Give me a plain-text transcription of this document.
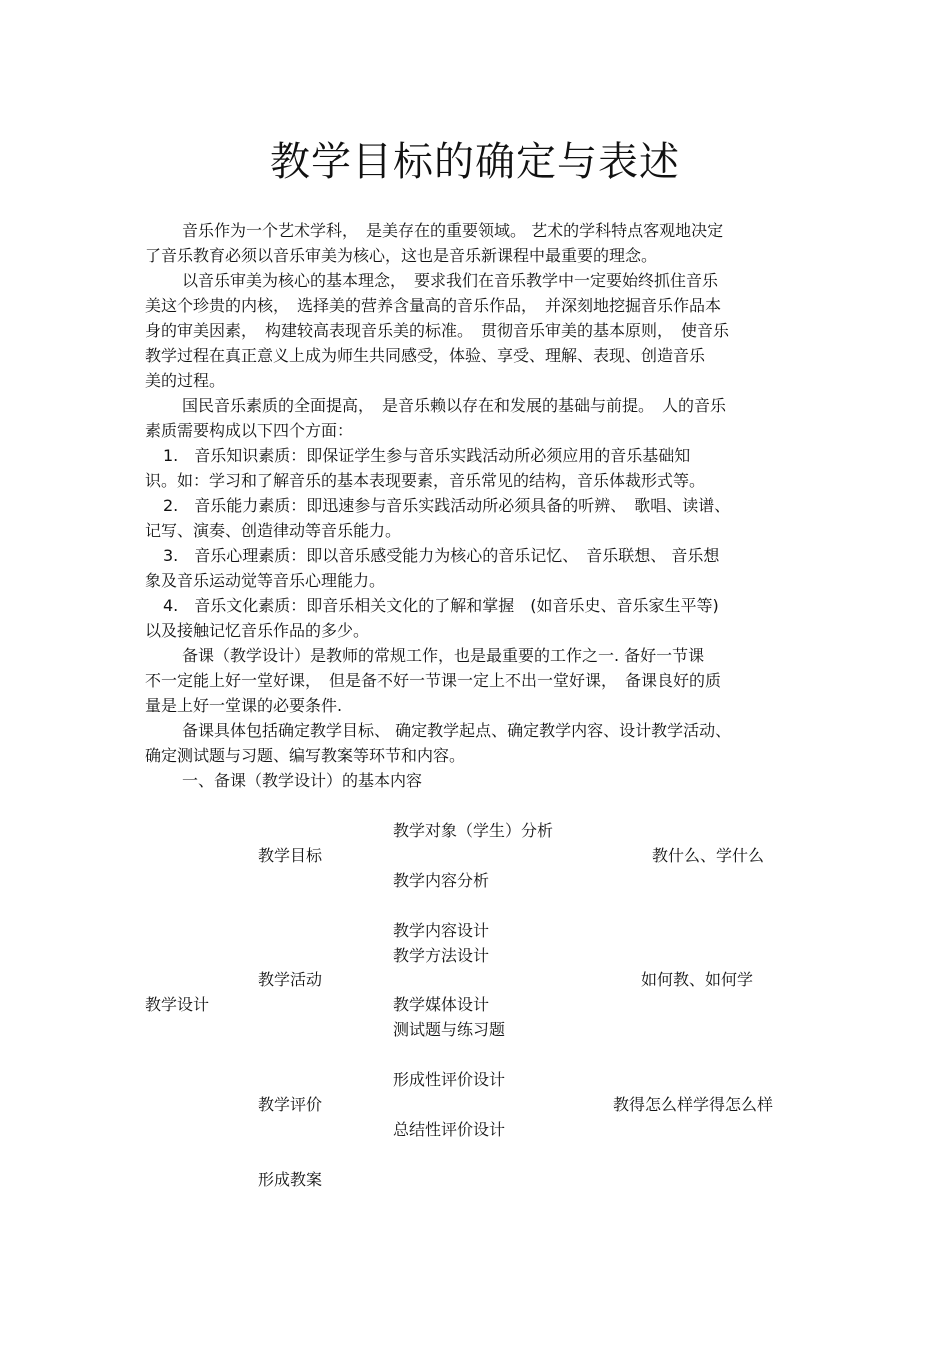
教学目标的确定与表述
音乐作为一个艺术学科，　是美存在的重要领域。 艺术的学科特点客观地决定
了音乐教育必须以音乐审美为核心，这也是音乐新课程中最重要的理念。
以音乐审美为核心的基本理念，　要求我们在音乐教学中一定要始终抓住音乐
美这个珍贵的内核，　选择美的营养含量高的音乐作品，　并深刻地挖掘音乐作品本
身的审美因素，　构建较高表现音乐美的标准。　贯彻音乐审美的基本原则，　使音乐
教学过程在真正意义上成为师生共同感受，体验、享受、理解、表现、创造音乐
美的过程。
国民音乐素质的全面提高，　是音乐赖以存在和发展的基础与前提。　人的音乐
素质需要构成以下四个方面：
1.　音乐知识素质：即保证学生参与音乐实践活动所必须应用的音乐基础知
识。如：学习和了解音乐的基本表现要素，音乐常见的结构，音乐体裁形式等。
2.　音乐能力素质：即迅速参与音乐实践活动所必须具备的听辨、　歌唱、读谱、
记写、演奏、创造律动等音乐能力。
3.　音乐心理素质：即以音乐感受能力为核心的音乐记忆、　音乐联想、 音乐想
象及音乐运动觉等音乐心理能力。
4.　音乐文化素质：即音乐相关文化的了解和掌握　(如音乐史、音乐家生平等)
以及接触记忆音乐作品的多少。
备课（教学设计）是教师的常规工作，也是最重要的工作之一. 备好一节课
不一定能上好一堂好课，　但是备不好一节课一定上不出一堂好课，　备课良好的质
量是上好一堂课的必要条件.
备课具体包括确定教学目标、 确定教学起点、确定教学内容、设计教学活动、
确定测试题与习题、编写教案等环节和内容。
一、备课（教学设计）的基本内容
教学设计
教学目标
教学活动
教学评价
形成教案
教学对象（学生）分析
教学内容分析
教学内容设计
教学方法设计
教学媒体设计
测试题与练习题
形成性评价设计
总结性评价设计
教什么、学什么
如何教、如何学
教得怎么样学得怎么样
